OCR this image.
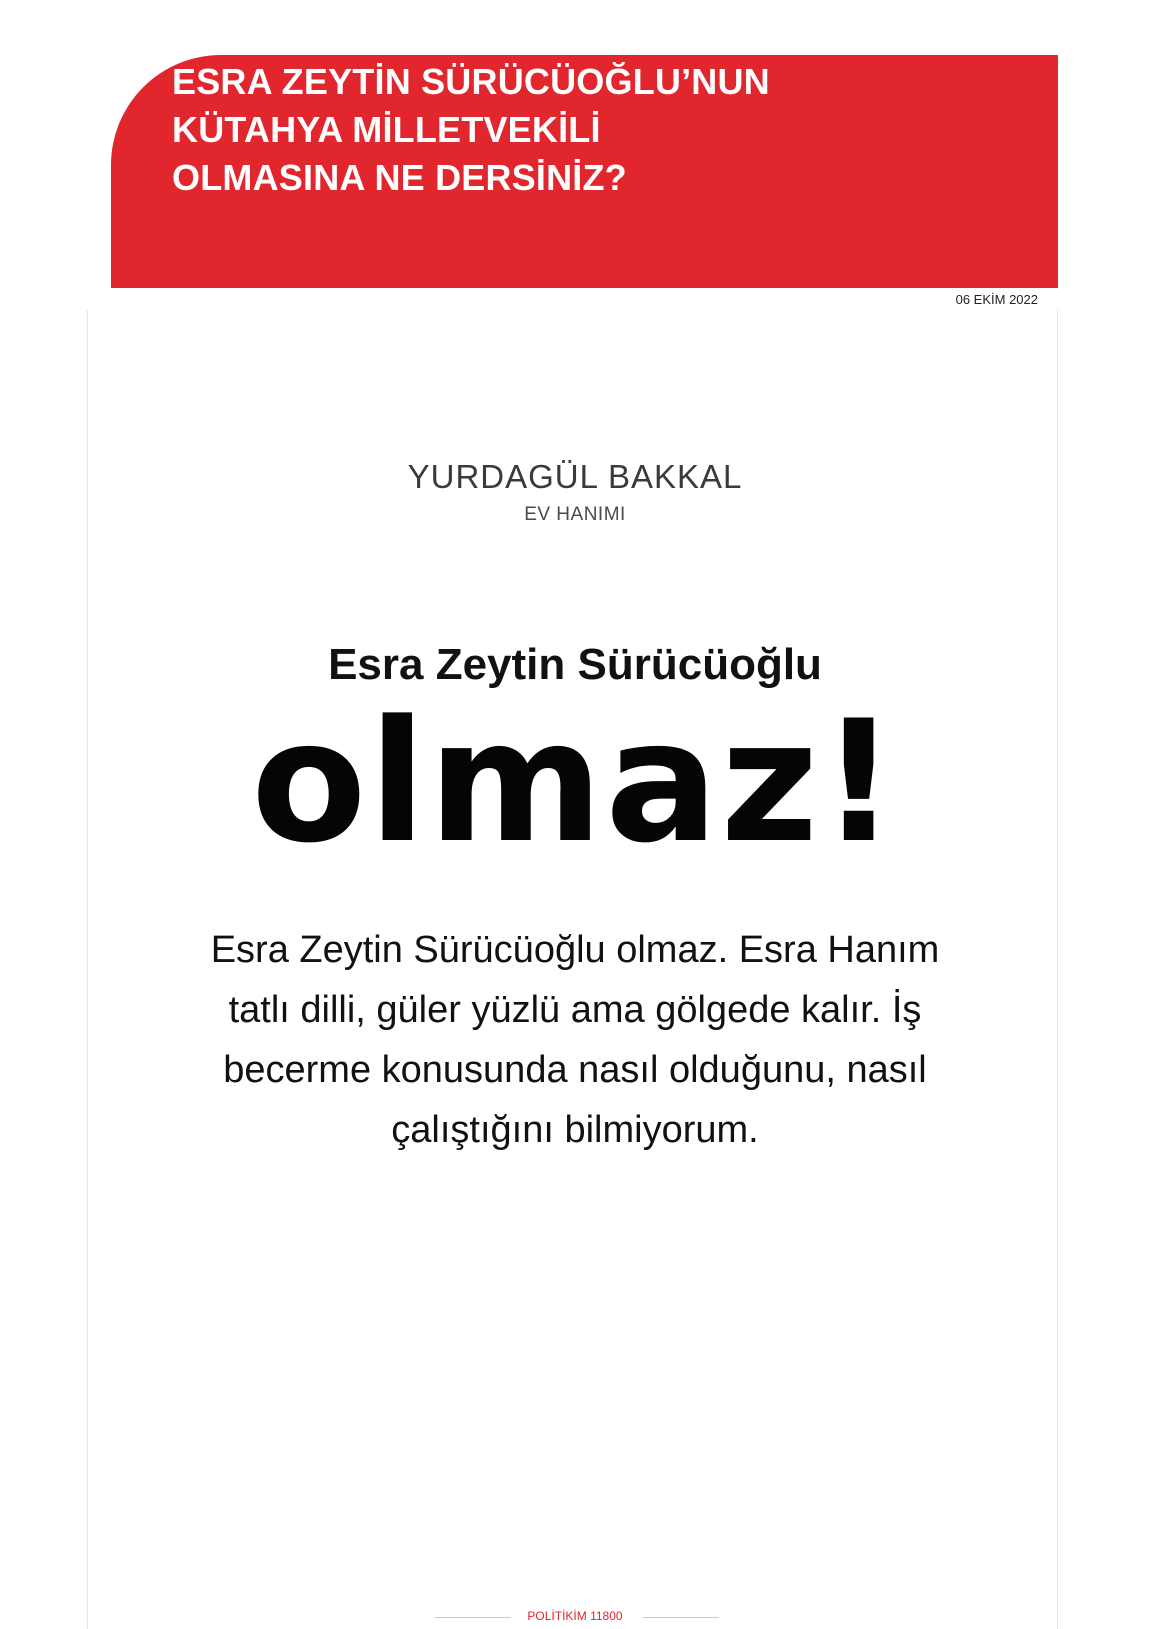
ESRA ZEYTİN SÜRÜCÜOĞLU’NUN
KÜTAHYA MİLLETVEKİLİ
OLMASINA NE DERSİNİZ?
06 EKİM 2022
YURDAGÜL BAKKAL
EV HANIMI
Esra Zeytin Sürücüoğlu
olmaz!
Esra Zeytin Sürücüoğlu olmaz. Esra Hanım tatlı dilli, güler yüzlü ama gölgede kalır. İş becerme konusunda nasıl olduğunu, nasıl çalıştığını bilmiyorum.
POLİTİKİM 11800
